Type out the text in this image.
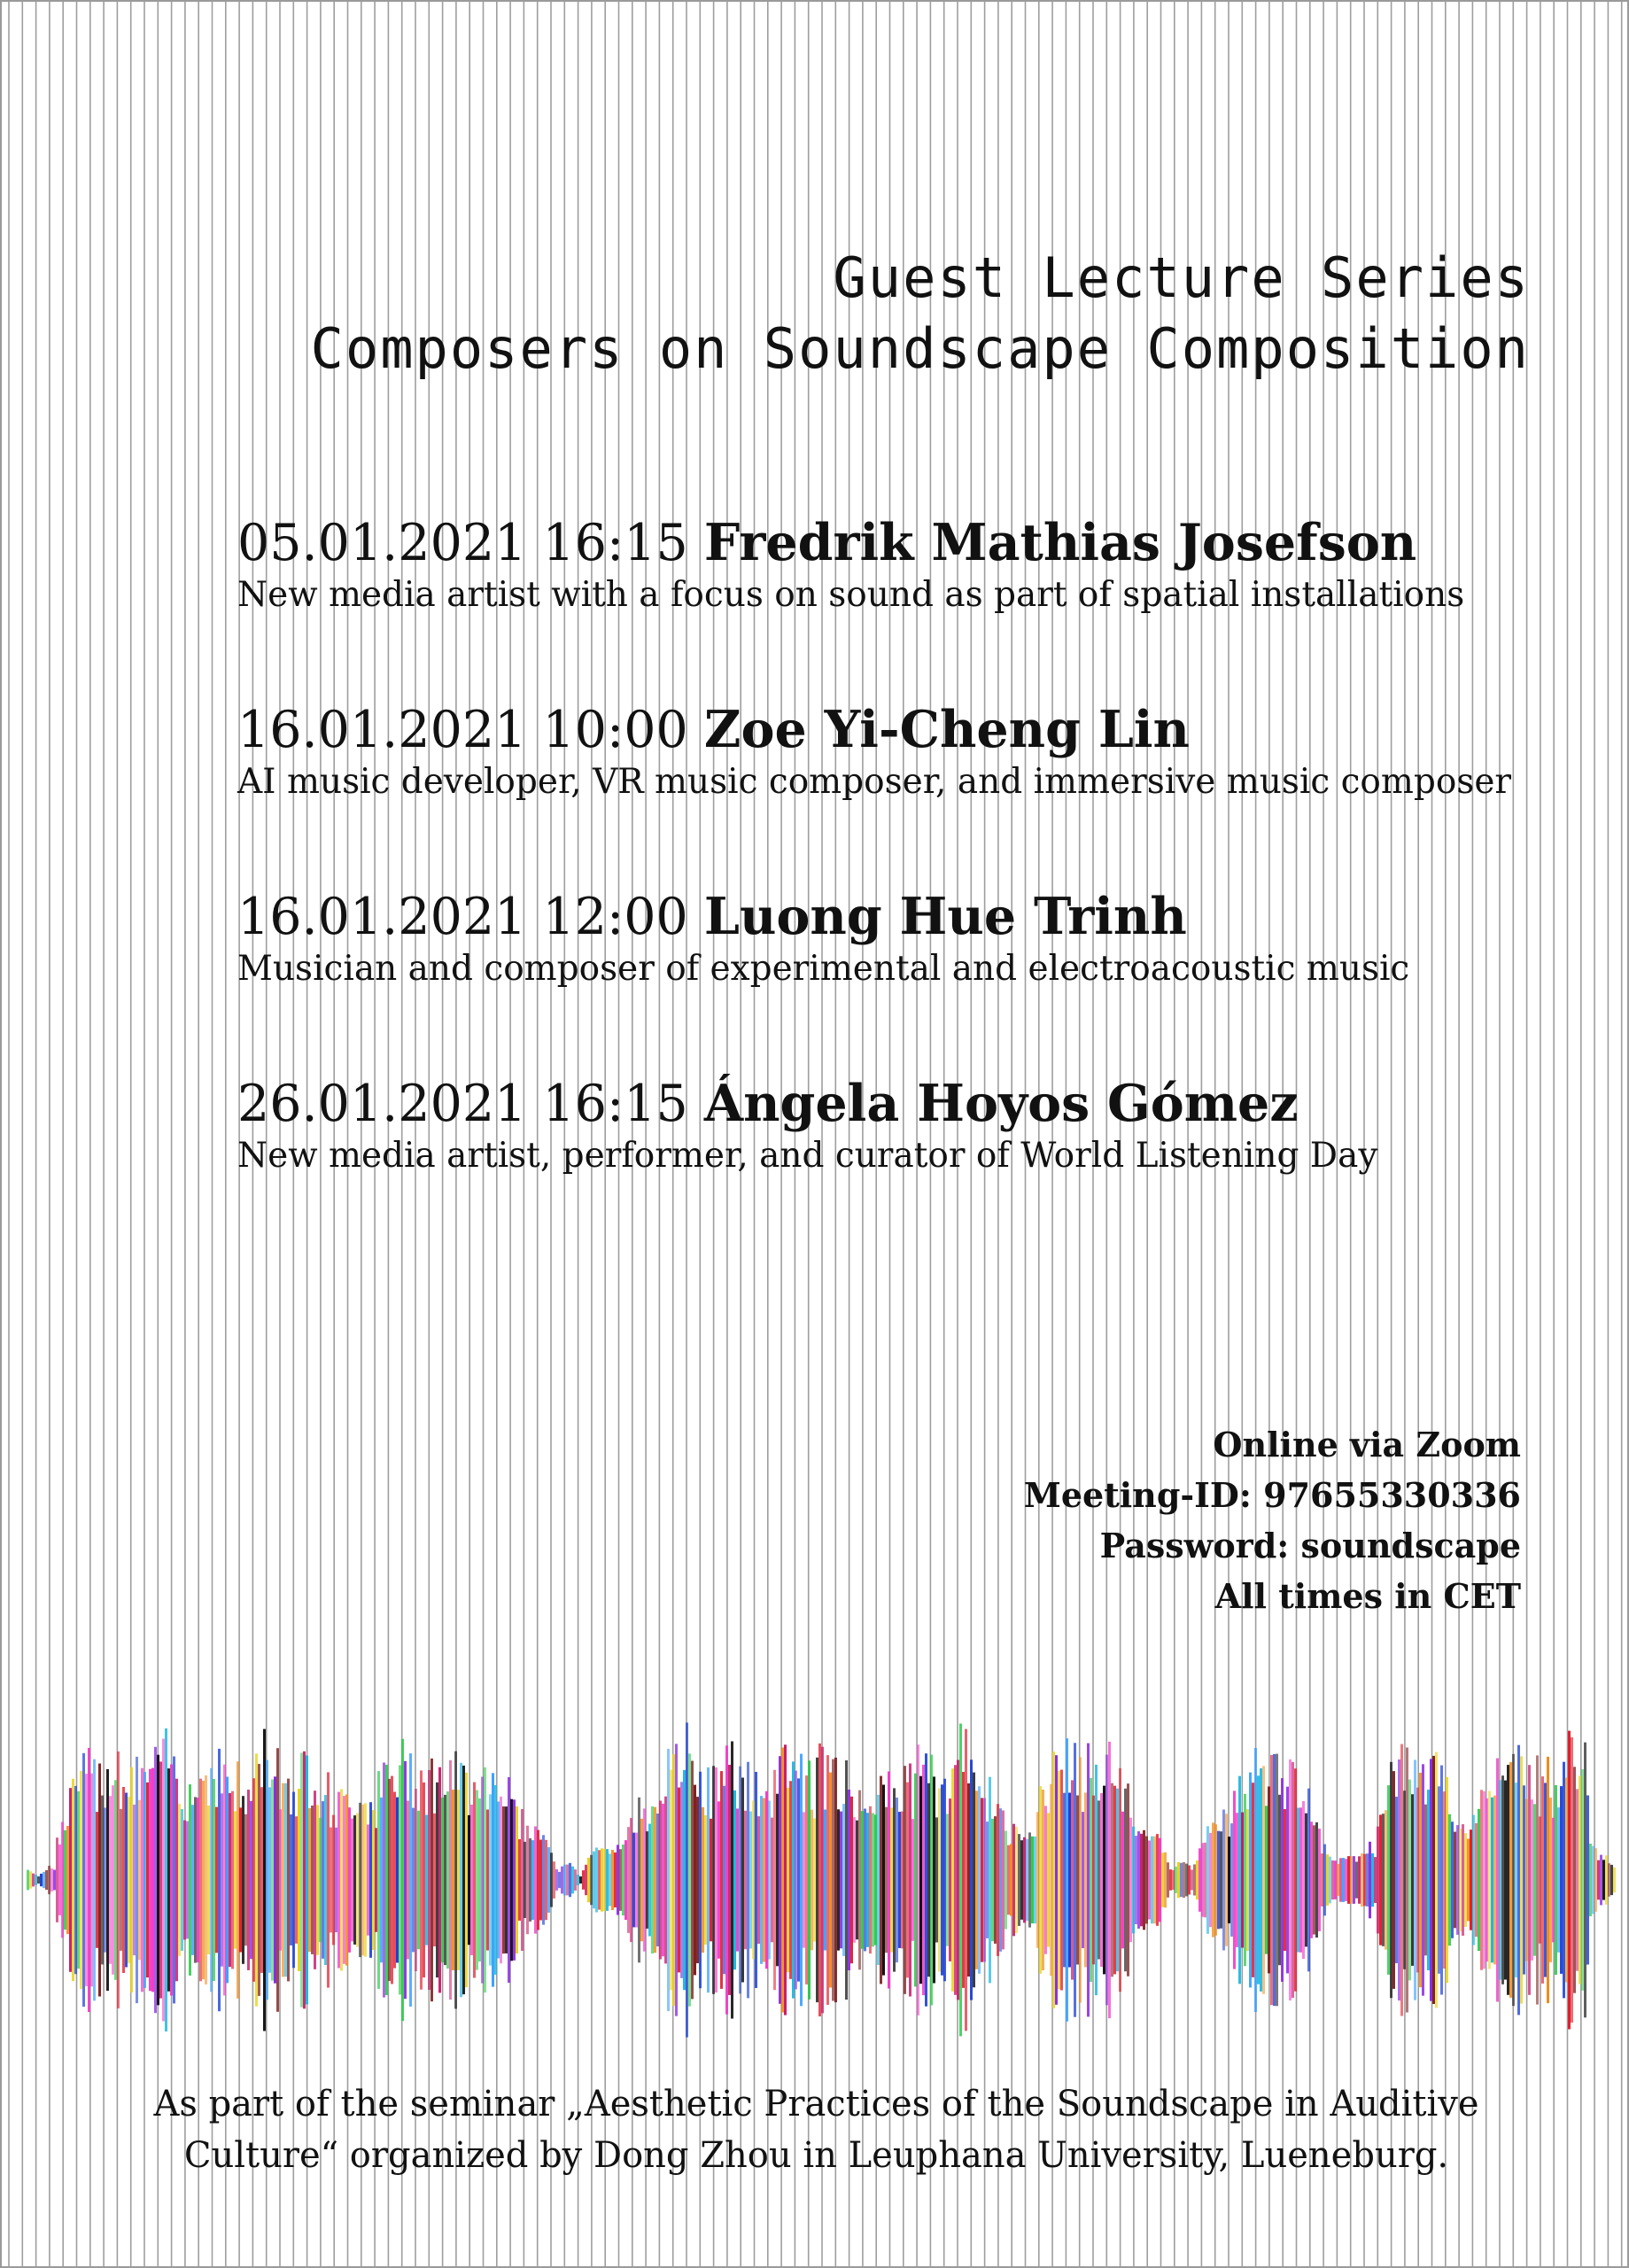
Guest Lecture Series
Composers on Soundscape Composition
05.01.2021 16:15 Fredrik Mathias Josefson
New media artist with a focus on sound as part of spatial installations
16.01.2021 10:00 Zoe Yi-Cheng Lin
AI music developer, VR music composer, and immersive music composer
16.01.2021 12:00 Luong Hue Trinh
Musician and composer of experimental and electroacoustic music
26.01.2021 16:15 Ángela Hoyos Gómez
New media artist, performer, and curator of World Listening Day
Online via Zoom
Meeting-ID: 97655330336
Password: soundscape
All times in CET
As part of the seminar „Aesthetic Practices of the Soundscape in Auditive
Culture“ organized by Dong Zhou in Leuphana University, Lueneburg.
